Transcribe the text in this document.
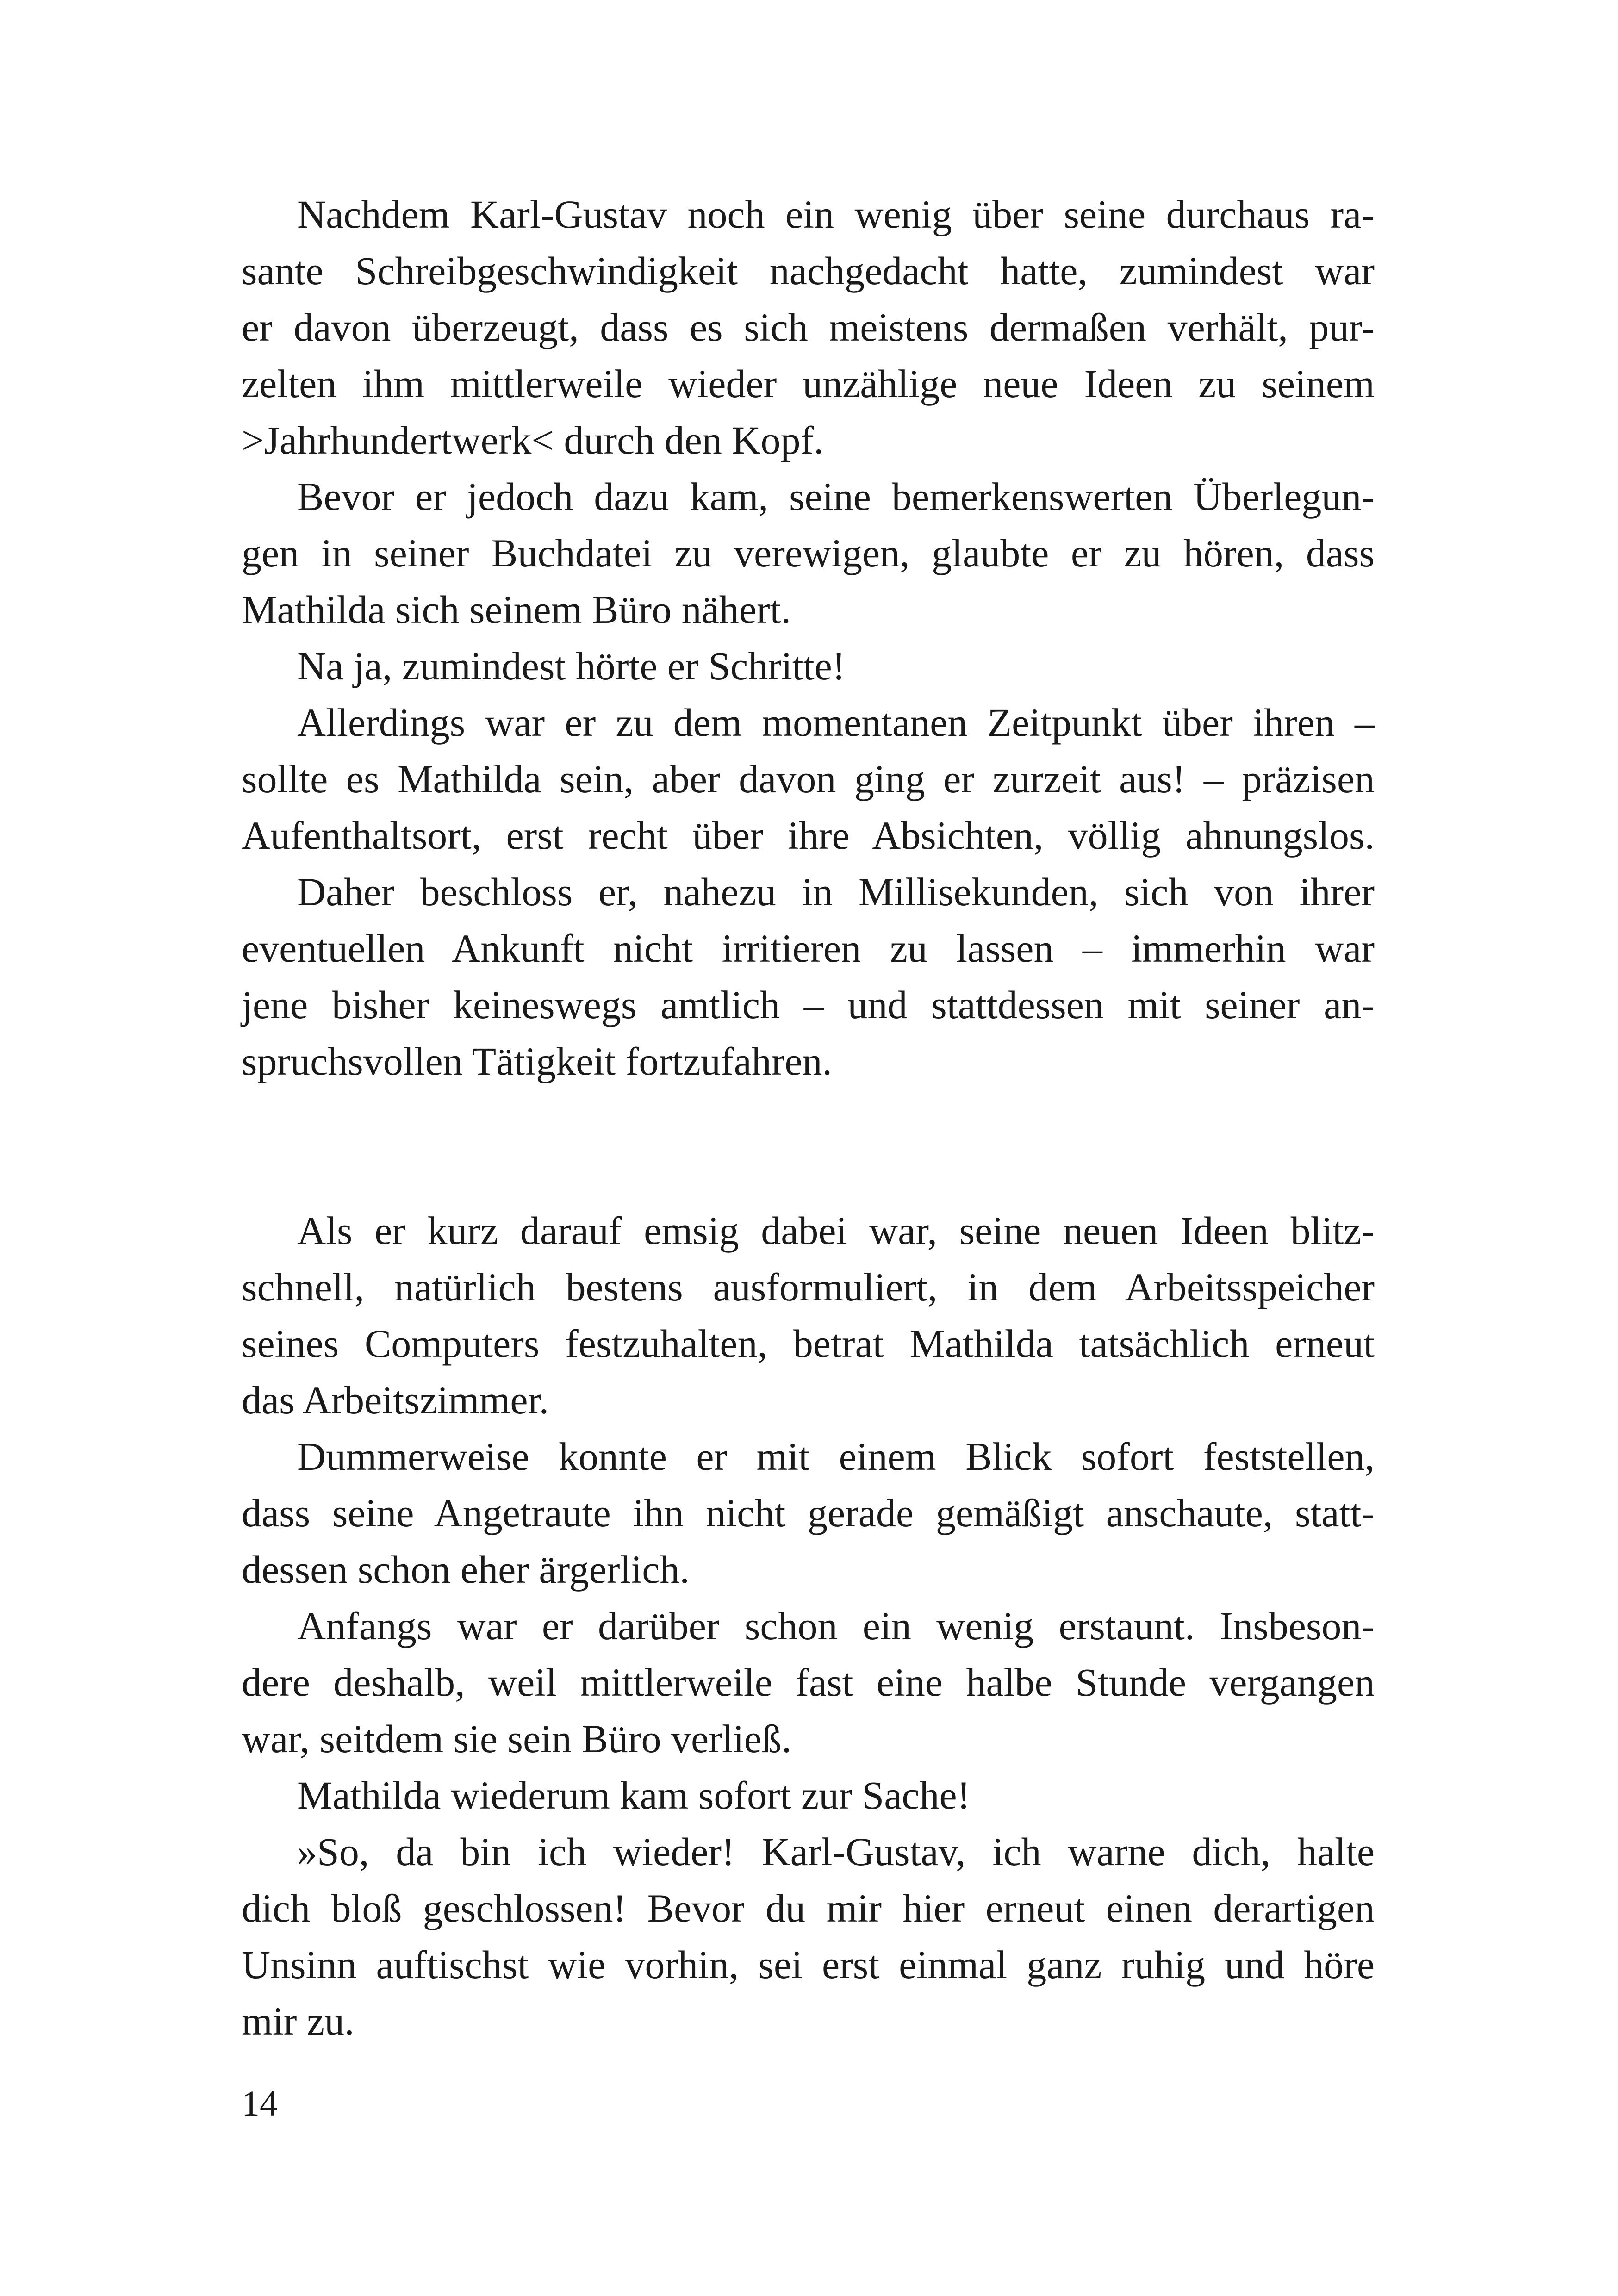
Nachdem Karl-Gustav noch ein wenig über seine durchaus ra-
sante Schreibgeschwindigkeit nachgedacht hatte, zumindest war
er davon überzeugt, dass es sich meistens dermaßen verhält, pur-
zelten ihm mittlerweile wieder unzählige neue Ideen zu seinem
>Jahrhundertwerk< durch den Kopf.
Bevor er jedoch dazu kam, seine bemerkenswerten Überlegun-
gen in seiner Buchdatei zu verewigen, glaubte er zu hören, dass
Mathilda sich seinem Büro nähert.
Na ja, zumindest hörte er Schritte!
Allerdings war er zu dem momentanen Zeitpunkt über ihren –
sollte es Mathilda sein, aber davon ging er zurzeit aus! – präzisen
Aufenthaltsort, erst recht über ihre Absichten, völlig ahnungslos.
Daher beschloss er, nahezu in Millisekunden, sich von ihrer
eventuellen Ankunft nicht irritieren zu lassen – immerhin war
jene bisher keineswegs amtlich – und stattdessen mit seiner an-
spruchsvollen Tätigkeit fortzufahren.
Als er kurz darauf emsig dabei war, seine neuen Ideen blitz-
schnell, natürlich bestens ausformuliert, in dem Arbeitsspeicher
seines Computers festzuhalten, betrat Mathilda tatsächlich erneut
das Arbeitszimmer.
Dummerweise konnte er mit einem Blick sofort feststellen,
dass seine Angetraute ihn nicht gerade gemäßigt anschaute, statt-
dessen schon eher ärgerlich.
Anfangs war er darüber schon ein wenig erstaunt. Insbeson-
dere deshalb, weil mittlerweile fast eine halbe Stunde vergangen
war, seitdem sie sein Büro verließ.
Mathilda wiederum kam sofort zur Sache!
»So, da bin ich wieder! Karl-Gustav, ich warne dich, halte
dich bloß geschlossen! Bevor du mir hier erneut einen derartigen
Unsinn auftischst wie vorhin, sei erst einmal ganz ruhig und höre
mir zu.
14
